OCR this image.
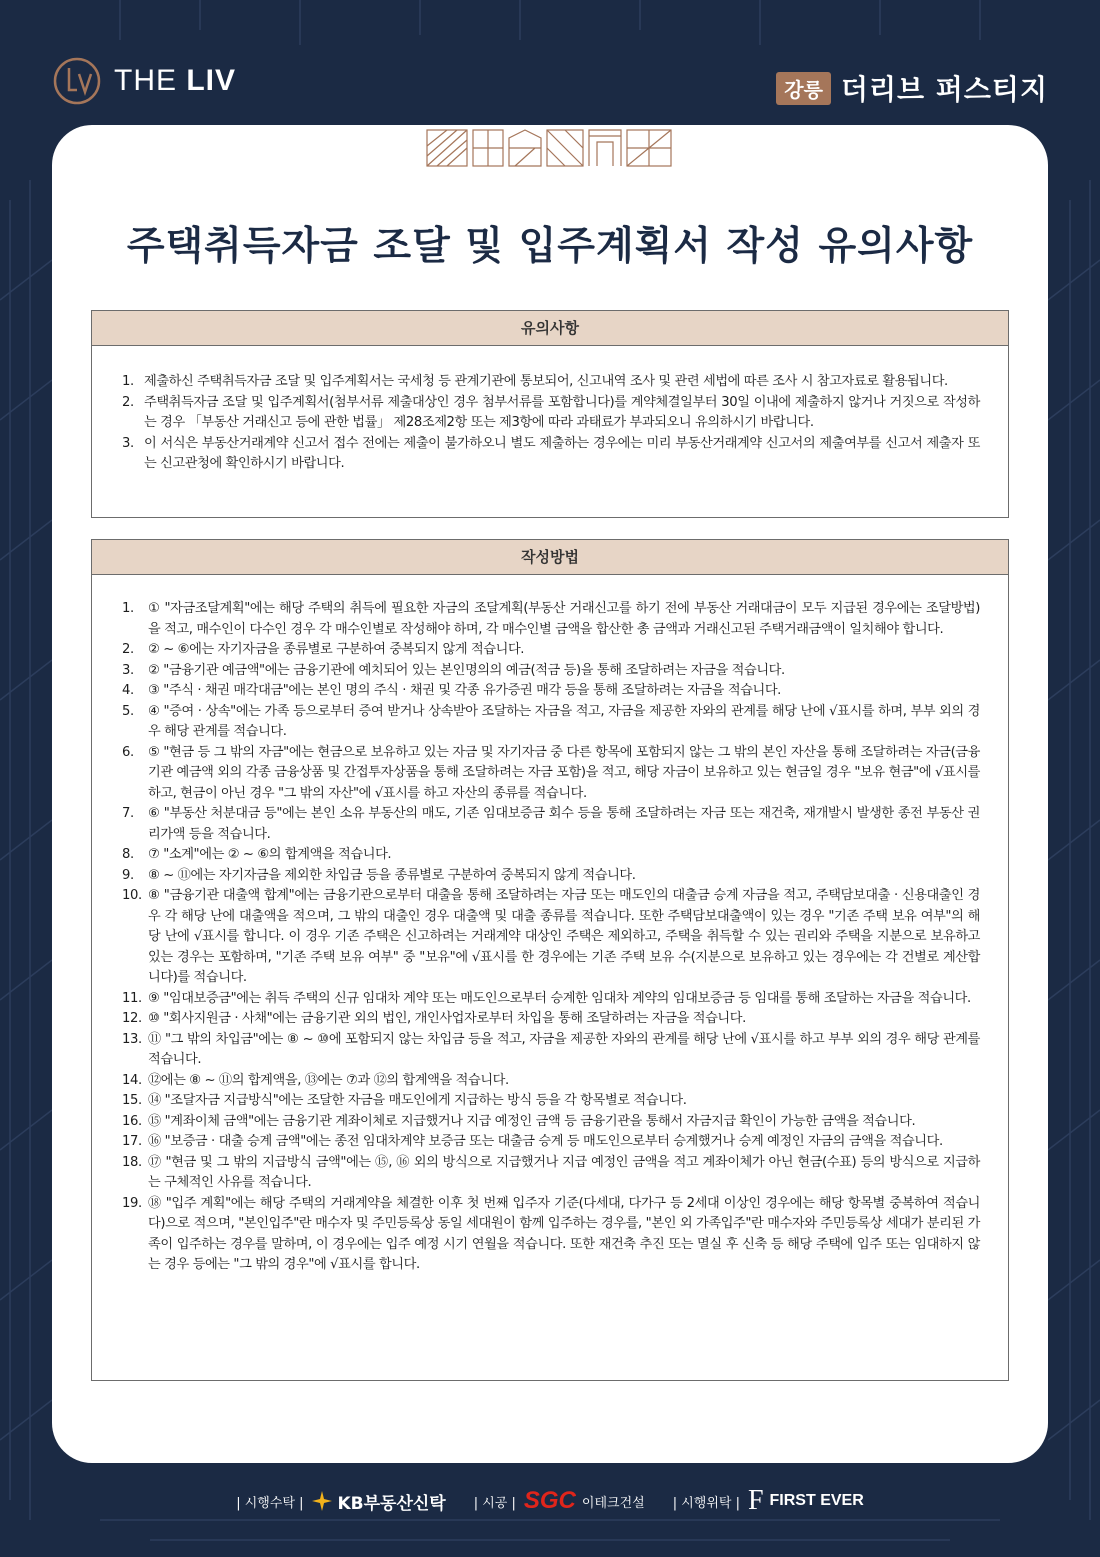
THE LIV	강릉 더리브 퍼스티지
주택취득자금 조달 및 입주계획서 작성 유의사항
유의사항
1. 제출하신 주택취득자금 조달 및 입주계획서는 국세청 등 관계기관에 통보되어, 신고내역 조사 및 관련 세법에 따른 조사 시 참고자료로 활용됩니다.
2. 주택취득자금 조달 및 입주계획서(첨부서류 제출대상인 경우 첨부서류를 포함합니다)를 계약체결일부터 30일 이내에 제출하지 않거나 거짓으로 작성하는 경우 「부동산 거래신고 등에 관한 법률」 제28조제2항 또는 제3항에 따라 과태료가 부과되오니 유의하시기 바랍니다.
3. 이 서식은 부동산거래계약 신고서 접수 전에는 제출이 불가하오니 별도 제출하는 경우에는 미리 부동산거래계약 신고서의 제출여부를 신고서 제출자 또는 신고관청에 확인하시기 바랍니다.
작성방법
1. ① "자금조달계획"에는 해당 주택의 취득에 필요한 자금의 조달계획(부동산 거래신고를 하기 전에 부동산 거래대금이 모두 지급된 경우에는 조달방법)을 적고, 매수인이 다수인 경우 각 매수인별로 작성해야 하며, 각 매수인별 금액을 합산한 총 금액과 거래신고된 주택거래금액이 일치해야 합니다.
2. ② ~ ⑥에는 자기자금을 종류별로 구분하여 중복되지 않게 적습니다.
3. ② "금융기관 예금액"에는 금융기관에 예치되어 있는 본인명의의 예금(적금 등)을 통해 조달하려는 자금을 적습니다.
4. ③ "주식 · 채권 매각대금"에는 본인 명의 주식 · 채권 및 각종 유가증권 매각 등을 통해 조달하려는 자금을 적습니다.
5. ④ "증여 · 상속"에는 가족 등으로부터 증여 받거나 상속받아 조달하는 자금을 적고, 자금을 제공한 자와의 관계를 해당 난에 √표시를 하며, 부부 외의 경우 해당 관계를 적습니다.
6. ⑤ "현금 등 그 밖의 자금"에는 현금으로 보유하고 있는 자금 및 자기자금 중 다른 항목에 포함되지 않는 그 밖의 본인 자산을 통해 조달하려는 자금(금융기관 예금액 외의 각종 금융상품 및 간접투자상품을 통해 조달하려는 자금 포함)을 적고, 해당 자금이 보유하고 있는 현금일 경우 "보유 현금"에 √표시를 하고, 현금이 아닌 경우 "그 밖의 자산"에 √표시를 하고 자산의 종류를 적습니다.
7. ⑥ "부동산 처분대금 등"에는 본인 소유 부동산의 매도, 기존 임대보증금 회수 등을 통해 조달하려는 자금 또는 재건축, 재개발시 발생한 종전 부동산 권리가액 등을 적습니다.
8. ⑦ "소계"에는 ② ~ ⑥의 합계액을 적습니다.
9. ⑧ ~ ⑪에는 자기자금을 제외한 차입금 등을 종류별로 구분하여 중복되지 않게 적습니다.
10. ⑧ "금융기관 대출액 합계"에는 금융기관으로부터 대출을 통해 조달하려는 자금 또는 매도인의 대출금 승계 자금을 적고, 주택담보대출 · 신용대출인 경우 각 해당 난에 대출액을 적으며, 그 밖의 대출인 경우 대출액 및 대출 종류를 적습니다. 또한 주택담보대출액이 있는 경우 "기존 주택 보유 여부"의 해당 난에 √표시를 합니다. 이 경우 기존 주택은 신고하려는 거래계약 대상인 주택은 제외하고, 주택을 취득할 수 있는 권리와 주택을 지분으로 보유하고 있는 경우는 포함하며, "기존 주택 보유 여부" 중 "보유"에 √표시를 한 경우에는 기존 주택 보유 수(지분으로 보유하고 있는 경우에는 각 건별로 계산합니다)를 적습니다.
11. ⑨ "임대보증금"에는 취득 주택의 신규 임대차 계약 또는 매도인으로부터 승계한 임대차 계약의 임대보증금 등 임대를 통해 조달하는 자금을 적습니다.
12. ⑩ "회사지원금 · 사채"에는 금융기관 외의 법인, 개인사업자로부터 차입을 통해 조달하려는 자금을 적습니다.
13. ⑪ "그 밖의 차입금"에는 ⑧ ~ ⑩에 포함되지 않는 차입금 등을 적고, 자금을 제공한 자와의 관계를 해당 난에 √표시를 하고 부부 외의 경우 해당 관계를 적습니다.
14. ⑫에는 ⑧ ~ ⑪의 합계액을, ⑬에는 ⑦과 ⑫의 합계액을 적습니다.
15. ⑭ "조달자금 지급방식"에는 조달한 자금을 매도인에게 지급하는 방식 등을 각 항목별로 적습니다.
16. ⑮ "계좌이체 금액"에는 금융기관 계좌이체로 지급했거나 지급 예정인 금액 등 금융기관을 통해서 자금지급 확인이 가능한 금액을 적습니다.
17. ⑯ "보증금 · 대출 승계 금액"에는 종전 임대차계약 보증금 또는 대출금 승계 등 매도인으로부터 승계했거나 승계 예정인 자금의 금액을 적습니다.
18. ⑰ "현금 및 그 밖의 지급방식 금액"에는 ⑮, ⑯ 외의 방식으로 지급했거나 지급 예정인 금액을 적고 계좌이체가 아닌 현금(수표) 등의 방식으로 지급하는 구체적인 사유를 적습니다.
19. ⑱ "입주 계획"에는 해당 주택의 거래계약을 체결한 이후 첫 번째 입주자 기준(다세대, 다가구 등 2세대 이상인 경우에는 해당 항목별 중복하여 적습니다)으로 적으며, "본인입주"란 매수자 및 주민등록상 동일 세대원이 함께 입주하는 경우를, "본인 외 가족입주"란 매수자와 주민등록상 세대가 분리된 가족이 입주하는 경우를 말하며, 이 경우에는 입주 예정 시기 연월을 적습니다. 또한 재건축 추진 또는 멸실 후 신축 등 해당 주택에 입주 또는 임대하지 않는 경우 등에는 "그 밖의 경우"에 √표시를 합니다.
| 시행수탁 | KB부동산신탁 | 시공 | SGC 이테크건설 | 시행위탁 | F FIRST EVER
